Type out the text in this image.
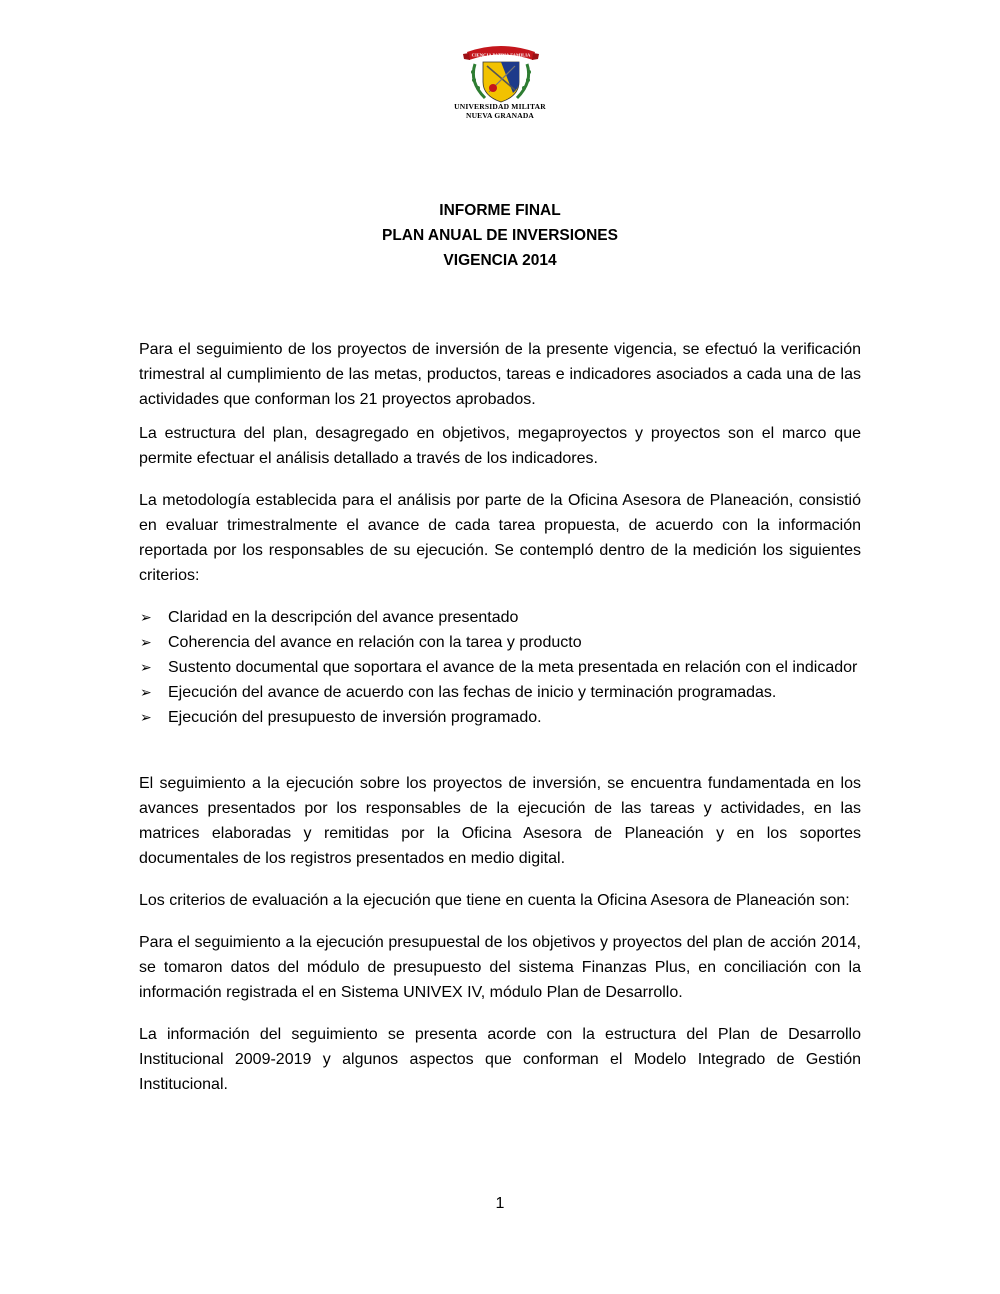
CIENCIA PATRIA FAMILIA
UNIVERSIDAD MILITAR
NUEVA GRANADA
INFORME FINAL
PLAN ANUAL DE INVERSIONES
VIGENCIA 2014

Para el seguimiento de los proyectos de inversión de la presente vigencia, se efectuó la verificación trimestral al cumplimiento de las metas, productos, tareas e indicadores asociados a cada una de las actividades que conforman los 21 proyectos aprobados.

La estructura del plan, desagregado en objetivos, megaproyectos y proyectos son el marco que permite efectuar el análisis detallado a través de los indicadores.

La metodología establecida para el análisis por parte de la Oficina Asesora de Planeación, consistió en evaluar trimestralmente el avance de cada tarea propuesta, de acuerdo con la información reportada por los responsables de su ejecución. Se contempló dentro de la medición los siguientes criterios:

➢ Claridad en la descripción del avance presentado
➢ Coherencia del avance en relación con la tarea y producto
➢ Sustento documental que soportara el avance de la meta presentada en relación con el indicador
➢ Ejecución del avance de acuerdo con las fechas de inicio y terminación programadas.
➢ Ejecución del presupuesto de inversión programado.

El seguimiento a la ejecución sobre los proyectos de inversión, se encuentra fundamentada en los avances presentados por los responsables de la ejecución de las tareas y actividades, en las matrices elaboradas y remitidas por la Oficina Asesora de Planeación y en los soportes documentales de los registros presentados en medio digital.

Los criterios de evaluación a la ejecución que tiene en cuenta la Oficina Asesora de Planeación son:

Para el seguimiento a la ejecución presupuestal de los objetivos y proyectos del plan de acción 2014, se tomaron datos del módulo de presupuesto del sistema Finanzas Plus, en conciliación con la información registrada el en Sistema UNIVEX IV, módulo Plan de Desarrollo.

La información del seguimiento se presenta acorde con la estructura del Plan de Desarrollo Institucional 2009-2019 y algunos aspectos que conforman el Modelo Integrado de Gestión Institucional.

1
